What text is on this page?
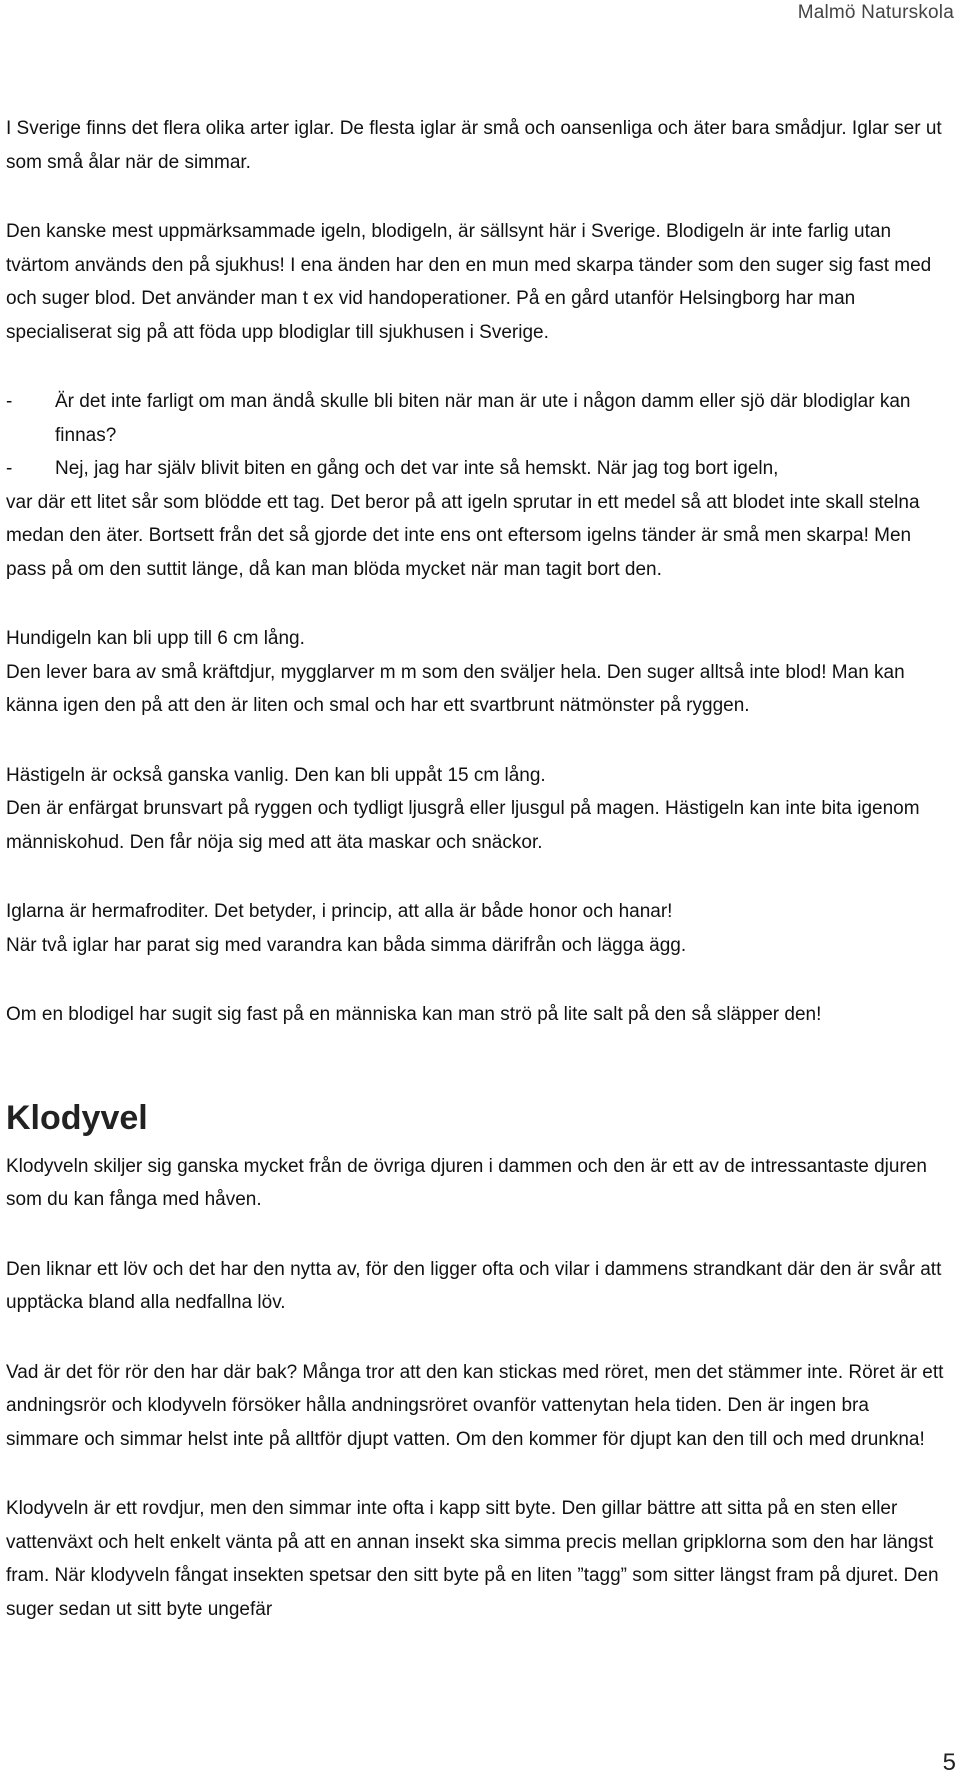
Malmö Naturskola

I Sverige finns det flera olika arter iglar. De flesta iglar är små och oansenliga och äter bara smådjur. Iglar ser ut som små ålar när de simmar.

Den kanske mest uppmärksammade igeln, blodigeln, är sällsynt här i Sverige. Blodigeln är inte farlig utan tvärtom används den på sjukhus! I ena änden har den en mun med skarpa tänder som den suger sig fast med och suger blod. Det använder man t ex vid handoperationer. På en gård utanför Helsingborg har man specialiserat sig på att föda upp blodiglar till sjukhusen i Sverige.

-	Är det inte farligt om man ändå skulle bli biten när man är ute i någon damm eller sjö där blodiglar kan finnas?
-	Nej, jag har själv blivit biten en gång och det var inte så hemskt. När jag tog bort igeln,

var där ett litet sår som blödde ett tag. Det beror på att igeln sprutar in ett medel så att blodet inte skall stelna medan den äter. Bortsett från det så gjorde det inte ens ont eftersom igelns tänder är små men skarpa! Men pass på om den suttit länge, då kan man blöda mycket när man tagit bort den.

Hundigeln kan bli upp till 6 cm lång.

Den lever bara av små kräftdjur, mygglarver m m som den sväljer hela. Den suger alltså inte blod! Man kan känna igen den på att den är liten och smal och har ett svartbrunt nätmönster på ryggen.

Hästigeln är också ganska vanlig. Den kan bli uppåt 15 cm lång.

Den är enfärgat brunsvart på ryggen och tydligt ljusgrå eller ljusgul på magen. Hästigeln kan inte bita igenom människohud. Den får nöja sig med att äta maskar och snäckor.

Iglarna är hermafroditer. Det betyder, i princip, att alla är både honor och hanar!

När två iglar har parat sig med varandra kan båda simma därifrån och lägga ägg.

Om en blodigel har sugit sig fast på en människa kan man strö på lite salt på den så släpper den!

Klodyvel

Klodyveln skiljer sig ganska mycket från de övriga djuren i dammen och den är ett av de intressantaste djuren som du kan fånga med håven.

Den liknar ett löv och det har den nytta av, för den ligger ofta och vilar i dammens strandkant där den är svår att upptäcka bland alla nedfallna löv.

Vad är det för rör den har där bak? Många tror att den kan stickas med röret, men det stämmer inte. Röret är ett andningsrör och klodyveln försöker hålla andningsröret ovanför vattenytan hela tiden. Den är ingen bra simmare och simmar helst inte på alltför djupt vatten. Om den kommer för djupt kan den till och med drunkna!

Klodyveln är ett rovdjur, men den simmar inte ofta i kapp sitt byte. Den gillar bättre att sitta på en sten eller vattenväxt och helt enkelt vänta på att en annan insekt ska simma precis mellan gripklorna som den har längst fram. När klodyveln fångat insekten spetsar den sitt byte på en liten ”tagg” som sitter längst fram på djuret. Den suger sedan ut sitt byte ungefär

5
